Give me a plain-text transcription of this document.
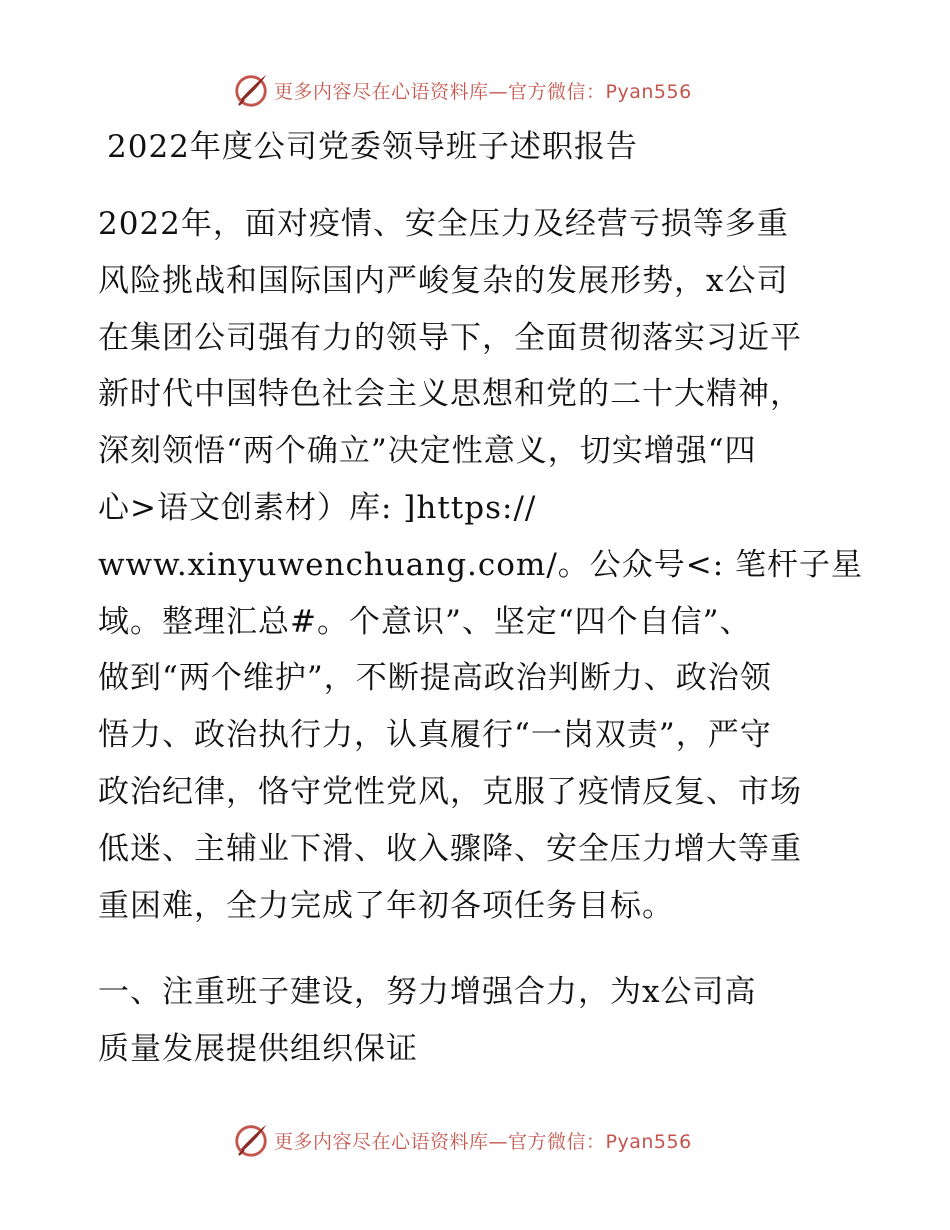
更多内容尽在心语资料库—官方微信：Pyan556
2022年度公司党委领导班子述职报告
2022年，面对疫情、安全压力及经营亏损等多重
风险挑战和国际国内严峻复杂的发展形势，x公司
在集团公司强有力的领导下，全面贯彻落实习近平
新时代中国特色社会主义思想和党的二十大精神，
深刻领悟“两个确立”决定性意义，切实增强“四
心>语文创素材）库: ]https://
www.xinyuwenchuang.com/。公众号<: 笔杆子星
域。整理汇总#。个意识”、坚定“四个自信”、
做到“两个维护”，不断提高政治判断力、政治领
悟力、政治执行力，认真履行“一岗双责”，严守
政治纪律，恪守党性党风，克服了疫情反复、市场
低迷、主辅业下滑、收入骤降、安全压力增大等重
重困难，全力完成了年初各项任务目标。
一、注重班子建设，努力增强合力，为x公司高
质量发展提供组织保证
更多内容尽在心语资料库—官方微信：Pyan556
